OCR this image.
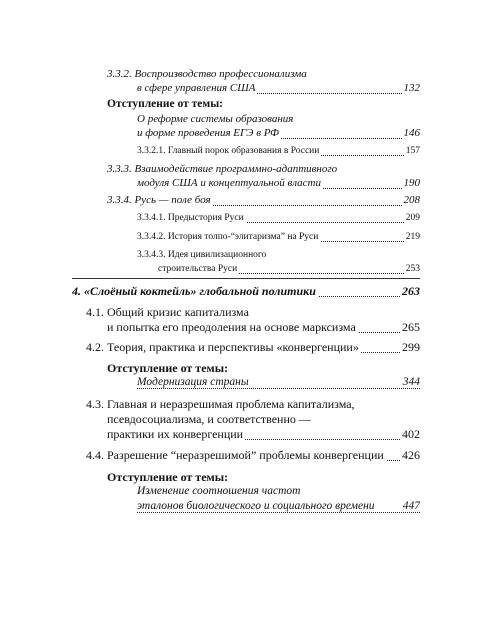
3.3.2. Воспроизводство профессионализма
в сфере управления США	132
Отступление от темы:
О реформе системы образования
и форме проведения ЕГЭ в РФ	146
3.3.2.1. Главный порок образования в России	157
3.3.3. Взаимодействие программно-адаптивного
модуля США и концептуальной власти	190
3.3.4. Русь — поле боя	208
3.3.4.1. Предыстория Руси	209
3.3.4.2. История толпо-“элитаризма” на Руси	219
3.3.4.3. Идея цивилизационного
строительства Руси	253
4. «Слоёный коктейль» глобальной политики	263
4.1. Общий кризис капитализма
и попытка его преодоления на основе марксизма	265
4.2. Теория, практика и перспективы «конвергенции»	299
Отступление от темы:
Модернизация страны	344
4.3. Главная и неразрешимая проблема капитализма,
псевдосоциализма, и соответственно —
практики их конвергенции	402
4.4. Разрешение “неразрешимой” проблемы конвергенции 426
Отступление от темы:
Изменение соотношения частот
эталонов биологического и социального времени 447
